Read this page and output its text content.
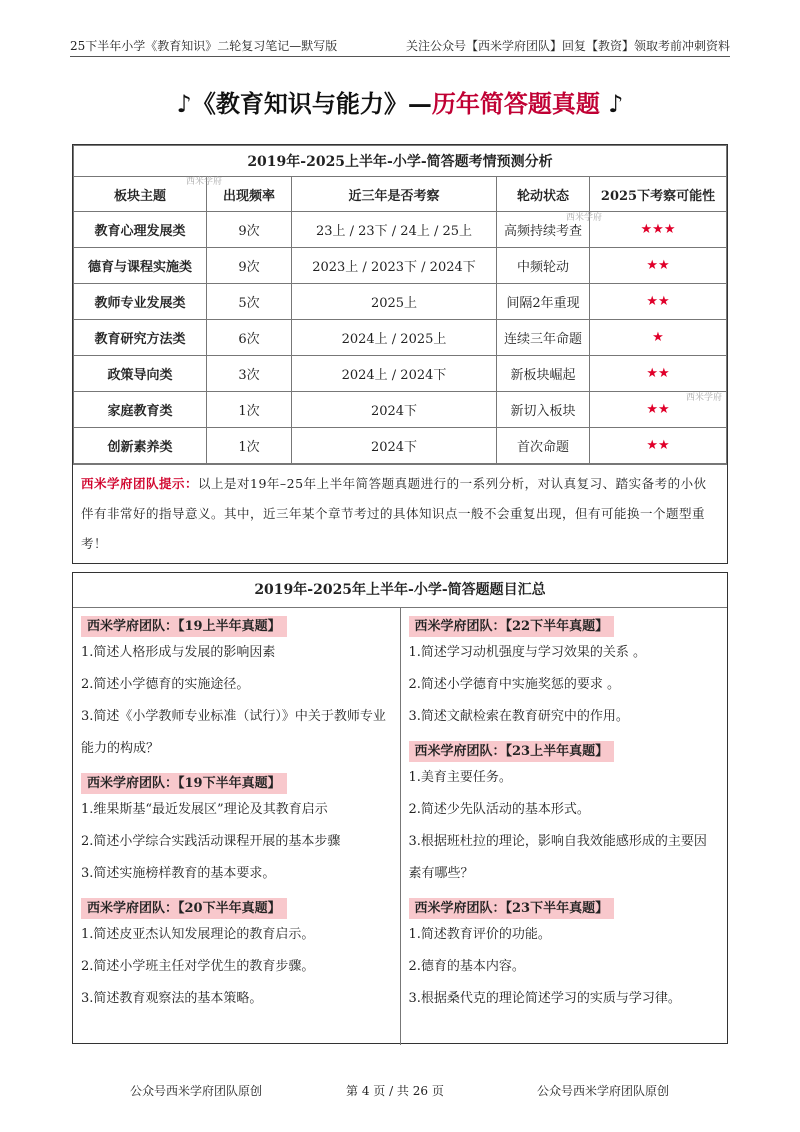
25下半年小学《教育知识》二轮复习笔记—默写版	关注公众号【西米学府团队】回复【教资】领取考前冲刺资料
♪《教育知识与能力》—历年简答题真题 ♪
2019年-2025上半年-小学-简答题考情预测分析				
板块主题	出现频率	近三年是否考察	轮动状态	2025下考察可能性
教育心理发展类	9次	23上 / 23下 / 24上 / 25上	高频持续考查	★★★
德育与课程实施类	9次	2023上 / 2023下 / 2024下	中频轮动	★★
教师专业发展类	5次	2025上	间隔2年重现	★★
教育研究方法类	6次	2024上 / 2025上	连续三年命题	★
政策导向类	3次	2024上 / 2024下	新板块崛起	★★
家庭教育类	1次	2024下	新切入板块	★★
创新素养类	1次	2024下	首次命题	★★
西米学府团队提示：以上是对19年–25年上半年简答题真题进行的一系列分析，对认真复习、踏实备考的小伙伴有非常好的指导意义。其中，近三年某个章节考过的具体知识点一般不会重复出现，但有可能换一个题型重考！
2019年-2025年上半年-小学-简答题题目汇总
西米学府团队：【19上半年真题】
1.简述人格形成与发展的影响因素
2.简述小学德育的实施途径。
3.简述《小学教师专业标准（试行）》中关于教师专业能力的构成？
西米学府团队：【19下半年真题】
1.维果斯基“最近发展区”理论及其教育启示
2.简述小学综合实践活动课程开展的基本步骤
3.简述实施榜样教育的基本要求。
西米学府团队：【20下半年真题】
1.简述皮亚杰认知发展理论的教育启示。
2.简述小学班主任对学优生的教育步骤。
3.简述教育观察法的基本策略。
西米学府团队：【22下半年真题】
1.简述学习动机强度与学习效果的关系 。
2.简述小学德育中实施奖惩的要求 。
3.简述文献检索在教育研究中的作用。
西米学府团队：【23上半年真题】
1.美育主要任务。
2.简述少先队活动的基本形式。
3.根据班杜拉的理论，影响自我效能感形成的主要因素有哪些？
西米学府团队：【23下半年真题】
1.简述教育评价的功能。
2.德育的基本内容。
3.根据桑代克的理论简述学习的实质与学习律。
西米学府
西米学府
西米学府
公众号西米学府团队原创	第 4 页 / 共 26 页	公众号西米学府团队原创
